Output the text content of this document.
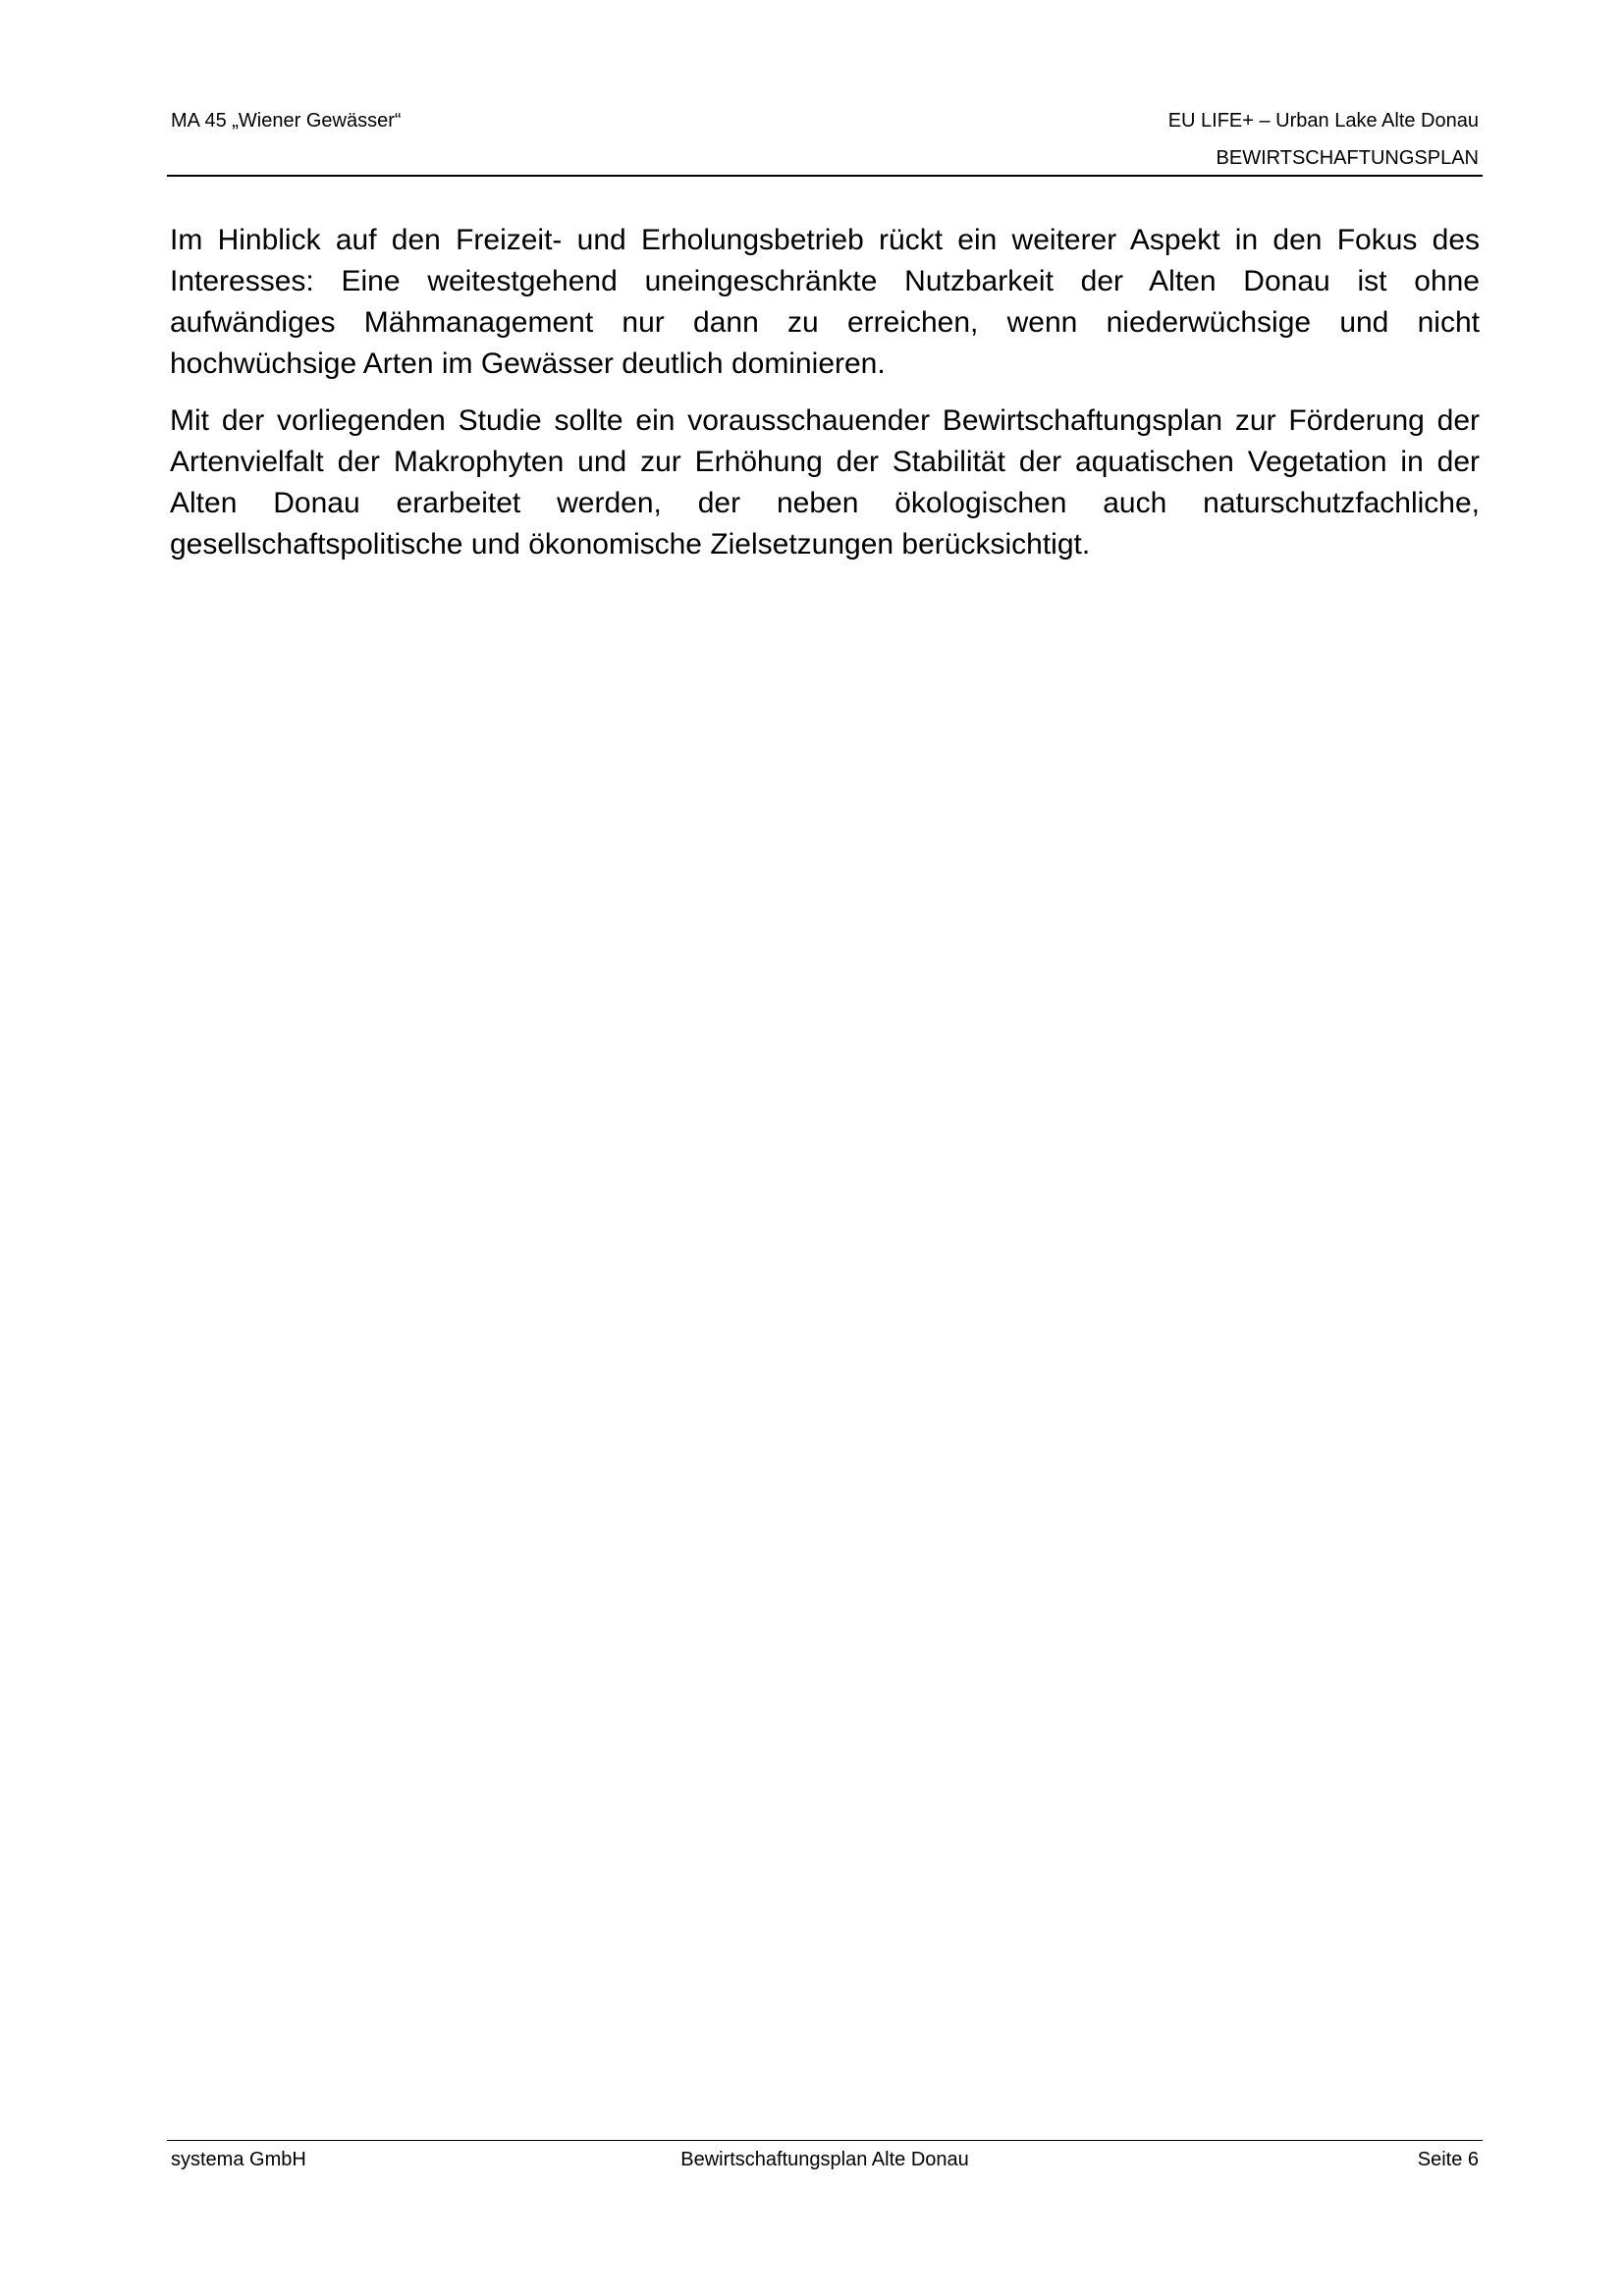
MA 45 „Wiener Gewässer“	EU LIFE+ – Urban Lake Alte Donau
BEWIRTSCHAFTUNGSPLAN

Im Hinblick auf den Freizeit- und Erholungsbetrieb rückt ein weiterer Aspekt in den Fokus des Interesses: Eine weitestgehend uneingeschränkte Nutzbarkeit der Alten Donau ist ohne aufwändiges Mähmanagement nur dann zu erreichen, wenn niederwüchsige und nicht hochwüchsige Arten im Gewässer deutlich dominieren.

Mit der vorliegenden Studie sollte ein vorausschauender Bewirtschaftungsplan zur Förderung der Artenvielfalt der Makrophyten und zur Erhöhung der Stabilität der aquatischen Vegetation in der Alten Donau erarbeitet werden, der neben ökologischen auch naturschutzfachliche, gesellschaftspolitische und ökonomische Zielsetzungen berücksichtigt.

systema GmbH	Bewirtschaftungsplan Alte Donau	Seite 6
